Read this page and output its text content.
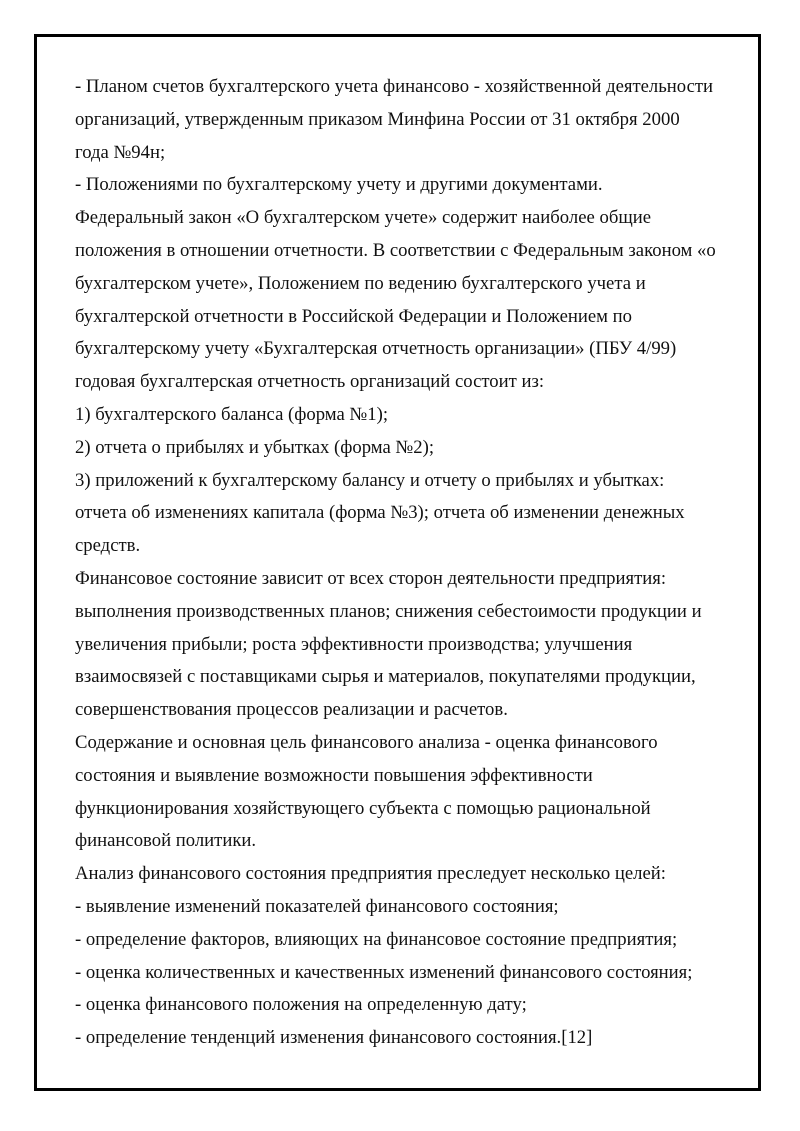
- Планом счетов бухгалтерского учета финансово - хозяйственной деятельности
организаций, утвержденным приказом Минфина России от 31 октября 2000
года №94н;
- Положениями по бухгалтерскому учету и другими документами.
Федеральный закон «О бухгалтерском учете» содержит наиболее общие
положения в отношении отчетности. В соответствии с Федеральным законом «о
бухгалтерском учете», Положением по ведению бухгалтерского учета и
бухгалтерской отчетности в Российской Федерации и Положением по
бухгалтерскому учету «Бухгалтерская отчетность организации» (ПБУ 4/99)
годовая бухгалтерская отчетность организаций состоит из:
1) бухгалтерского баланса (форма №1);
2) отчета о прибылях и убытках (форма №2);
3) приложений к бухгалтерскому балансу и отчету о прибылях и убытках:
отчета об изменениях капитала (форма №3); отчета об изменении денежных
средств.
Финансовое состояние зависит от всех сторон деятельности предприятия:
выполнения производственных планов; снижения себестоимости продукции и
увеличения прибыли; роста эффективности производства; улучшения
взаимосвязей с поставщиками сырья и материалов, покупателями продукции,
совершенствования процессов реализации и расчетов.
Содержание и основная цель финансового анализа - оценка финансового
состояния и выявление возможности повышения эффективности
функционирования хозяйствующего субъекта с помощью рациональной
финансовой политики.
Анализ финансового состояния предприятия преследует несколько целей:
- выявление изменений показателей финансового состояния;
- определение факторов, влияющих на финансовое состояние предприятия;
- оценка количественных и качественных изменений финансового состояния;
- оценка финансового положения на определенную дату;
- определение тенденций изменения финансового состояния.[12]
